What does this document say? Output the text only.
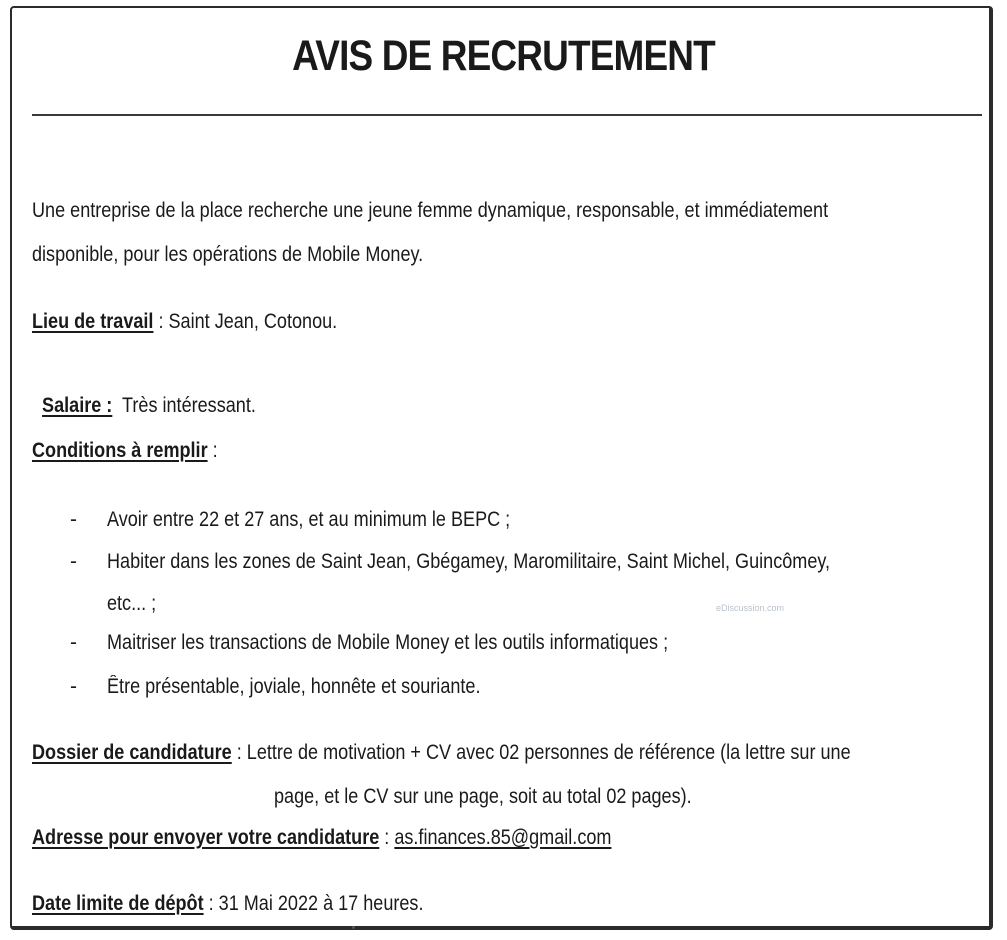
AVIS DE RECRUTEMENT
Une entreprise de la place recherche une jeune femme dynamique, responsable, et immédiatement
disponible, pour les opérations de Mobile Money.
Lieu de travail : Saint Jean, Cotonou.

Salaire :  Très intéressant.

Conditions à remplir :
- Avoir entre 22 et 27 ans, et au minimum le BEPC ;
- Habiter dans les zones de Saint Jean, Gbégamey, Maromilitaire, Saint Michel, Guincômey,
etc... ;
- Maitriser les transactions de Mobile Money et les outils informatiques ;
- Être présentable, joviale, honnête et souriante.
Dossier de candidature : Lettre de motivation + CV avec 02 personnes de référence (la lettre sur une
page, et le CV sur une page, soit au total 02 pages).
Adresse pour envoyer votre candidature : as.finances.85@gmail.com
Date limite de dépôt : 31 Mai 2022 à 17 heures.
eDiscussion.com
